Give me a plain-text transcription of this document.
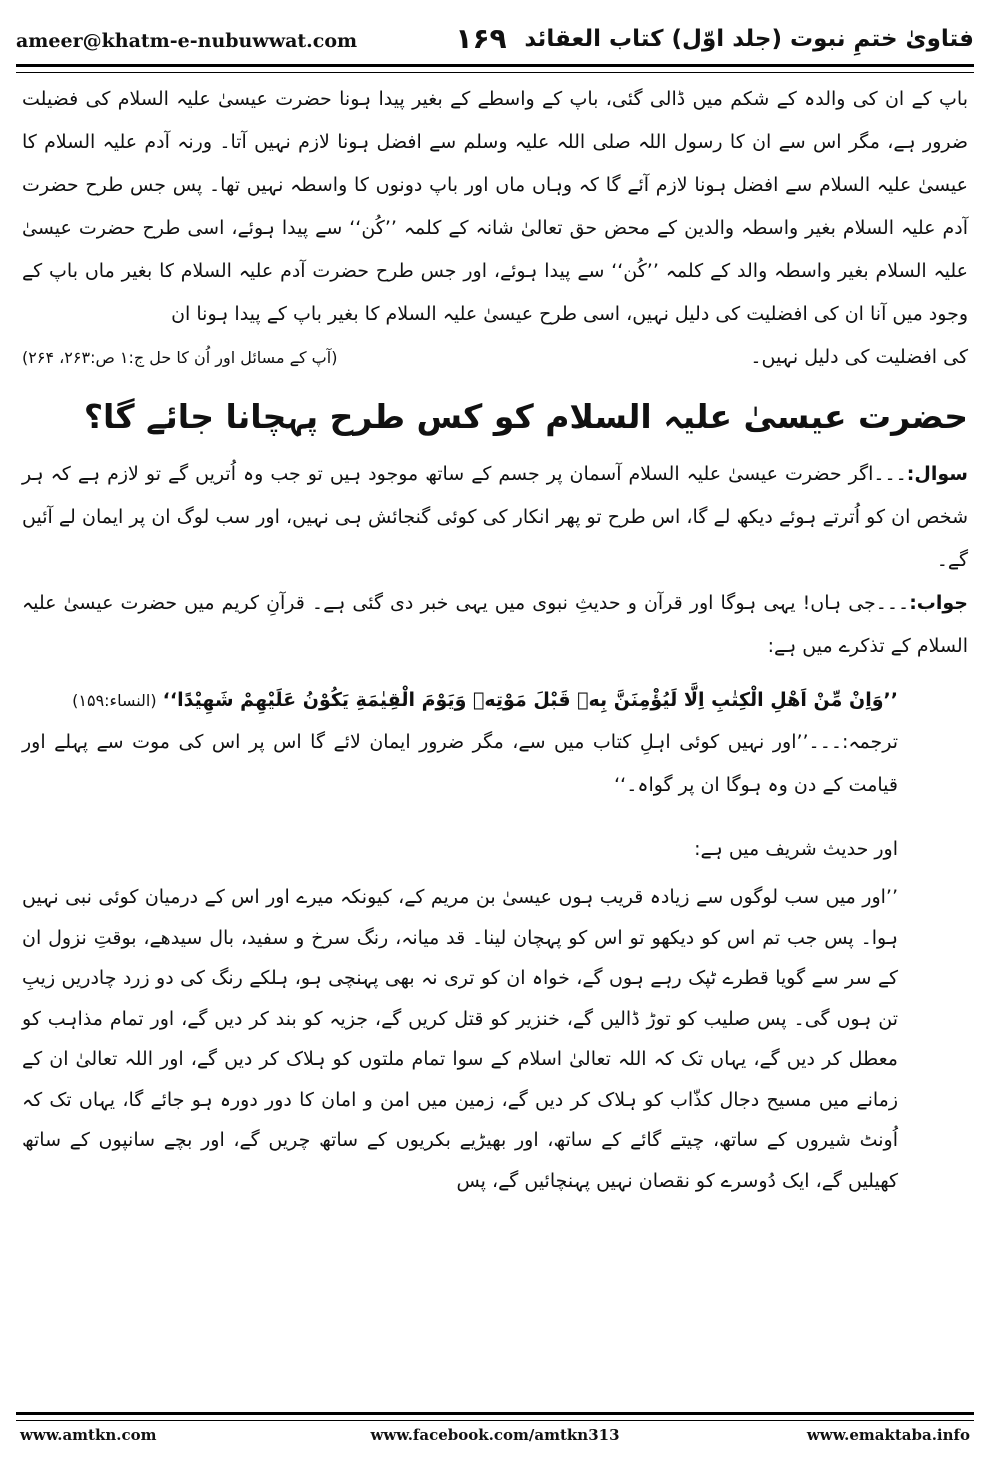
ameer@khatm-e-nubuwwat.com	۱۶۹ فتاویٰ ختمِ نبوت (جلد اوّل) کتاب العقائد

باپ کے ان کی والدہ کے شکم میں ڈالی گئی، باپ کے واسطے کے بغیر پیدا ہونا حضرت عیسیٰ علیہ السلام کی فضیلت ضرور ہے، مگر اس سے ان کا رسول اللہ صلی اللہ علیہ وسلم سے افضل ہونا لازم نہیں آتا۔ ورنہ آدم علیہ السلام کا عیسیٰ علیہ السلام سے افضل ہونا لازم آئے گا کہ وہاں ماں اور باپ دونوں کا واسطہ نہیں تھا۔ پس جس طرح حضرت آدم علیہ السلام بغیر واسطہ والدین کے محض حق تعالیٰ شانہ کے کلمہ ’’کُن‘‘ سے پیدا ہوئے، اسی طرح حضرت عیسیٰ علیہ السلام بغیر واسطہ والد کے کلمہ ’’کُن‘‘ سے پیدا ہوئے، اور جس طرح حضرت آدم علیہ السلام کا بغیر ماں باپ کے وجود میں آنا ان کی افضلیت کی دلیل نہیں، اسی طرح عیسیٰ علیہ السلام کا بغیر باپ کے پیدا ہونا ان

کی افضلیت کی دلیل نہیں۔
(آپ کے مسائل اور اُن کا حل ج:۱ ص:۲۶۳، ۲۶۴)
حضرت عیسیٰ علیہ السلام کو کس طرح پہچانا جائے گا؟

سوال:۔۔۔اگر حضرت عیسیٰ علیہ السلام آسمان پر جسم کے ساتھ موجود ہیں تو جب وہ اُتریں گے تو لازم ہے کہ ہر شخص ان کو اُترتے ہوئے دیکھ لے گا، اس طرح تو پھر انکار کی کوئی گنجائش ہی نہیں، اور سب لوگ ان پر ایمان لے آئیں گے۔

جواب:۔۔۔جی ہاں! یہی ہوگا اور قرآن و حدیثِ نبوی میں یہی خبر دی گئی ہے۔ قرآنِ کریم میں حضرت عیسیٰ علیہ السلام کے تذکرے میں ہے:

’’وَاِنْ مِّنْ اَهْلِ الْكِتٰبِ اِلَّا لَيُؤْمِنَنَّ بِهٖ قَبْلَ مَوْتِهٖ وَيَوْمَ الْقِيٰمَةِ يَكُوْنُ عَلَيْهِمْ شَهِيْدًا‘‘ (النساء:۱۵۹)

ترجمہ:۔۔۔’’اور نہیں کوئی اہلِ کتاب میں سے، مگر ضرور ایمان لائے گا اس پر اس کی موت سے پہلے اور قیامت کے دن وہ ہوگا ان پر گواہ۔‘‘

اور حدیث شریف میں ہے:

’’اور میں سب لوگوں سے زیادہ قریب ہوں عیسیٰ بن مریم کے، کیونکہ میرے اور اس کے درمیان کوئی نبی نہیں ہوا۔ پس جب تم اس کو دیکھو تو اس کو پہچان لینا۔ قد میانہ، رنگ سرخ و سفید، بال سیدھے، بوقتِ نزول ان کے سر سے گویا قطرے ٹپک رہے ہوں گے، خواہ ان کو تری نہ بھی پہنچی ہو، ہلکے رنگ کی دو زرد چادریں زیبِ تن ہوں گی۔ پس صلیب کو توڑ ڈالیں گے، خنزیر کو قتل کریں گے، جزیہ کو بند کر دیں گے، اور تمام مذاہب کو معطل کر دیں گے، یہاں تک کہ اللہ تعالیٰ اسلام کے سوا تمام ملتوں کو ہلاک کر دیں گے، اور اللہ تعالیٰ ان کے زمانے میں مسیح دجال کذّاب کو ہلاک کر دیں گے، زمین میں امن و امان کا دور دورہ ہو جائے گا، یہاں تک کہ اُونٹ شیروں کے ساتھ، چیتے گائے کے ساتھ، اور بھیڑیے بکریوں کے ساتھ چریں گے، اور بچے سانپوں کے ساتھ کھیلیں گے، ایک دُوسرے کو نقصان نہیں پہنچائیں گے، پس

www.amtkn.com	www.facebook.com/amtkn313	www.emaktaba.info
